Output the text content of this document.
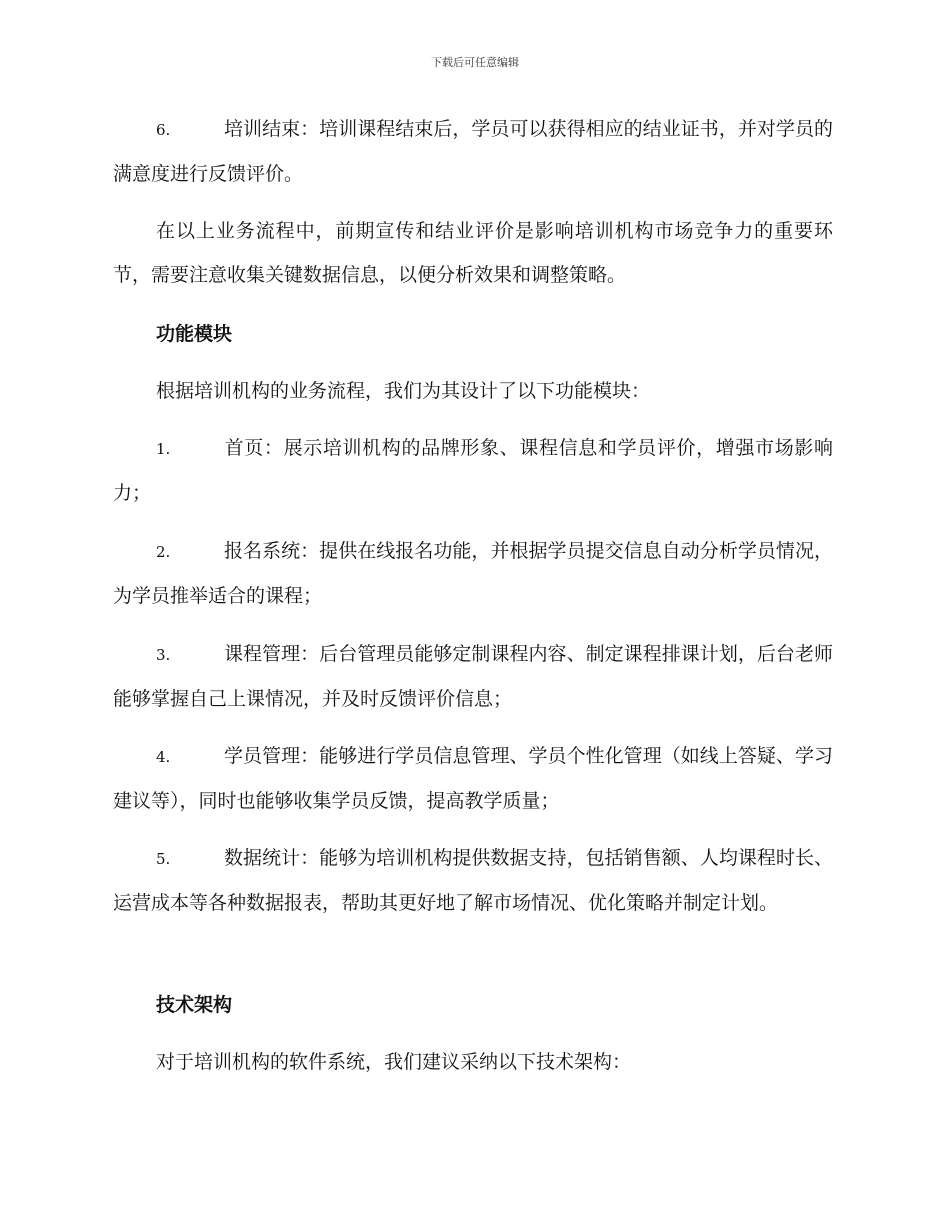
下载后可任意编辑

6.	培训结束：培训课程结束后，学员可以获得相应的结业证书，并对学员的满意度进行反馈评价。

在以上业务流程中，前期宣传和结业评价是影响培训机构市场竞争力的重要环节，需要注意收集关键数据信息，以便分析效果和调整策略。

功能模块

根据培训机构的业务流程，我们为其设计了以下功能模块：

1.	首页：展示培训机构的品牌形象、课程信息和学员评价，增强市场影响力；

2.	报名系统：提供在线报名功能，并根据学员提交信息自动分析学员情况，为学员推举适合的课程；

3.	课程管理：后台管理员能够定制课程内容、制定课程排课计划，后台老师能够掌握自己上课情况，并及时反馈评价信息；

4.	学员管理：能够进行学员信息管理、学员个性化管理（如线上答疑、学习建议等），同时也能够收集学员反馈，提高教学质量；

5.	数据统计：能够为培训机构提供数据支持，包括销售额、人均课程时长、运营成本等各种数据报表，帮助其更好地了解市场情况、优化策略并制定计划。

技术架构

对于培训机构的软件系统，我们建议采纳以下技术架构：
